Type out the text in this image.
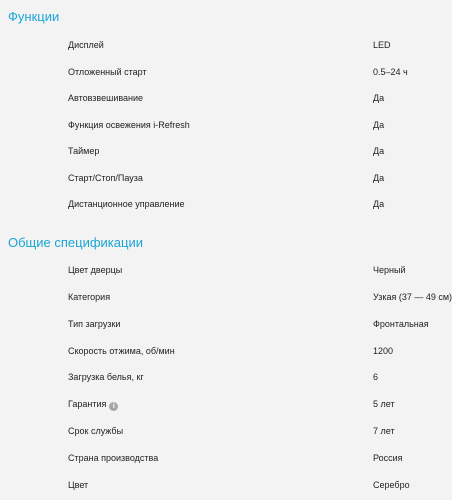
Функции
Дисплей	LED
Отложенный старт	0.5–24 ч
Автовзвешивание	Да
Функция освежения i-Refresh	Да
Таймер	Да
Старт/Стоп/Пауза	Да
Дистанционное управление	Да
Общие спецификации
Цвет дверцы	Черный
Категория	Узкая (37 — 49 см)
Тип загрузки	Фронтальная
Скорость отжима, об/мин	1200
Загрузка белья, кг	6
Гарантия i	5 лет
Срок службы	7 лет
Страна производства	Россия
Цвет	Серебро
